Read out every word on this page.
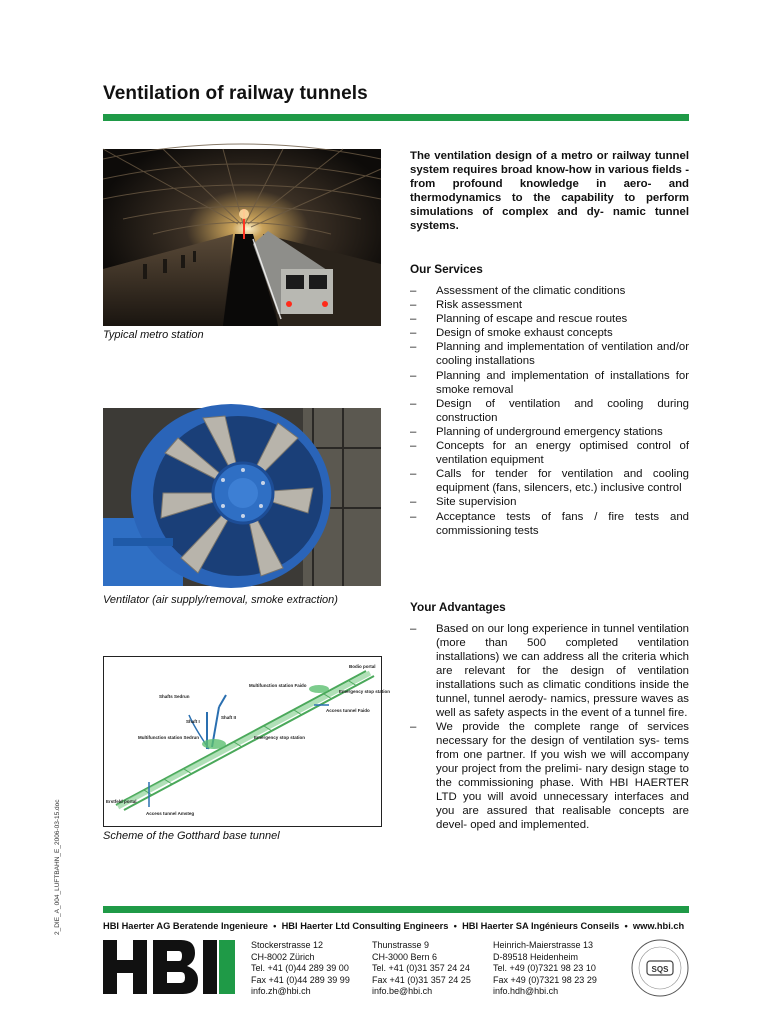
Ventilation of railway tunnels
Typical metro station
Ventilator (air supply/removal, smoke extraction)
Shafts Sedrun
Shaft I
Shaft II
Multifunction station Faido
Multifunction station Sedrun	Emergency stop station
Emergency stop station
Access tunnel Faido
Access tunnel Amsteg
Bodio portal
Erstfeld portal
Scheme of the Gotthard base tunnel
The ventilation design of a metro or railway tunnel system requires broad know-how in various fields - from profound knowledge in aero- and thermodynamics to the capability to perform simulations of complex and dy- namic tunnel systems.
Our Services
– Assessment of the climatic conditions
– Risk assessment
– Planning of escape and rescue routes
– Design of smoke exhaust concepts
– Planning and implementation of ventilation and/or cooling installations
– Planning and implementation of installations for smoke removal
– Design of ventilation and cooling during construction
– Planning of underground emergency stations
– Concepts for an energy optimised control of ventilation equipment
– Calls for tender for ventilation and cooling equipment (fans, silencers, etc.) inclusive control
– Site supervision
– Acceptance tests of fans / fire tests and commissioning tests
Your Advantages
– Based on our long experience in tunnel ventilation (more than 500 completed ventilation installations) we can address all the criteria which are relevant for the design of ventilation installations such as climatic conditions inside the tunnel, tunnel aerody- namics, pressure waves as well as safety aspects in the event of a tunnel fire.
– We provide the complete range of services necessary for the design of ventilation sys- tems from one partner. If you wish we will accompany your project from the prelimi- nary design stage to the commissioning phase. With HBI HAERTER LTD you will avoid unnecessary interfaces and you are assured that realisable concepts are devel- oped and implemented.
2_DIE_A_004_LUFTBAHN_E_2006-03-15.doc	HBI Haerter AG Beratende Ingenieure • HBI Haerter Ltd Consulting Engineers • HBI Haerter SA Ingénieurs Conseils • www.hbi.ch
Stockerstrasse 12
CH-8002 Zürich
Tel. +41 (0)44 289 39 00
Fax +41 (0)44 289 39 99
info.zh@hbi.ch
Thunstrasse 9
CH-3000 Bern 6
Tel. +41 (0)31 357 24 24
Fax +41 (0)31 357 24 25
info.be@hbi.ch
Heinrich-Maierstrasse 13
D-89518 Heidenheim
Tel. +49 (0)7321 98 23 10
Fax +49 (0)7321 98 23 29
info.hdh@hbi.ch
SQS
